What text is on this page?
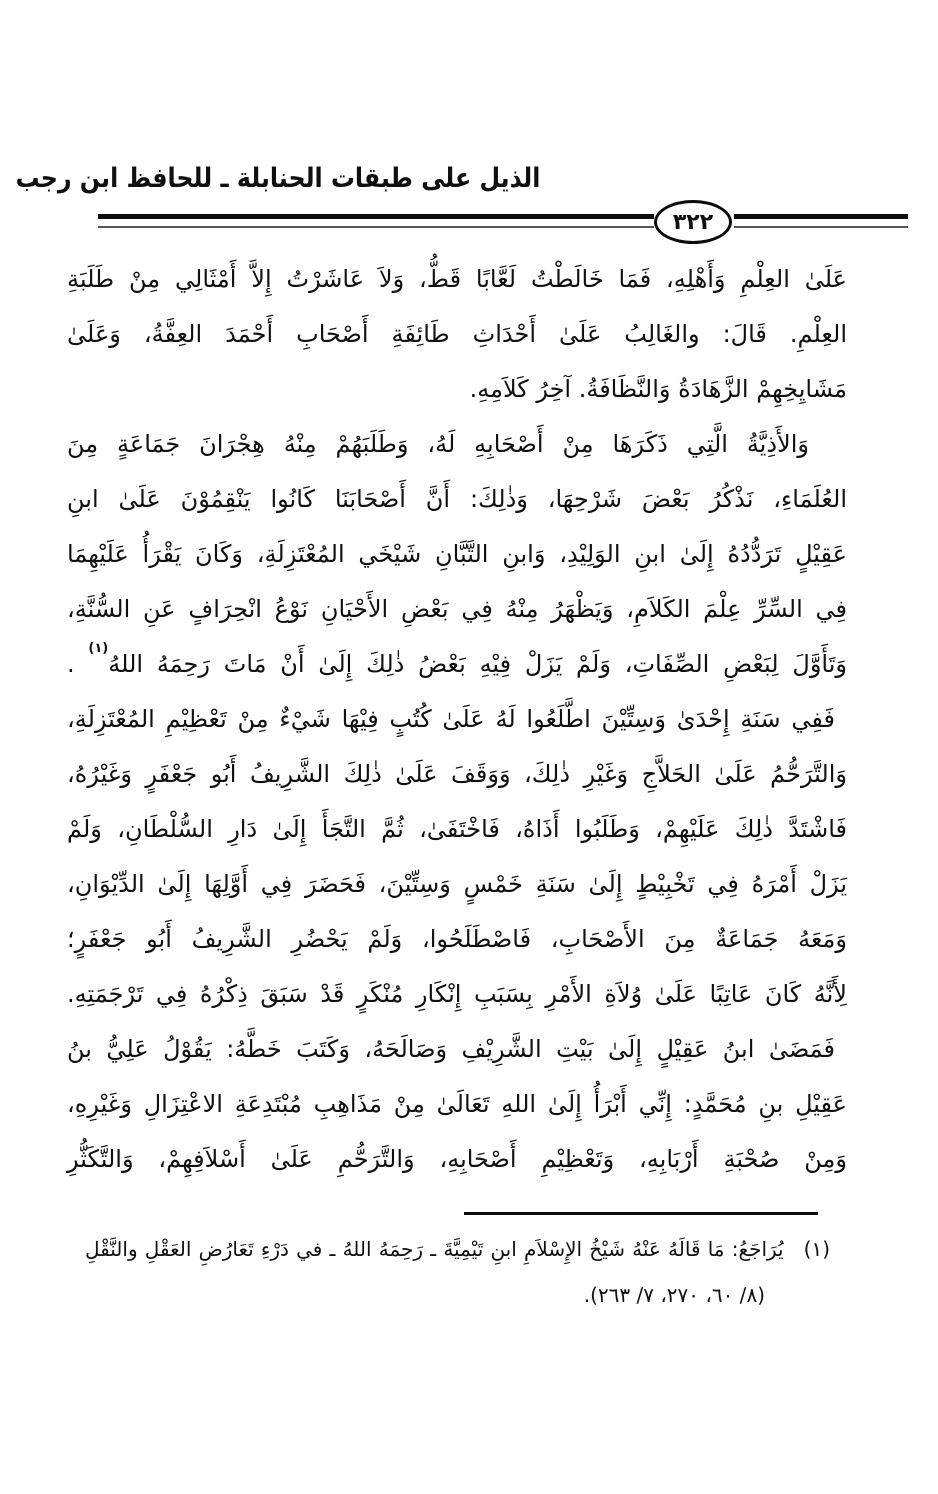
الذيل على طبقات الحنابلة ـ للحافظ ابن رجب
٣٢٢
عَلَىٰ العِلْمِ وَأَهْلِهِ، فَمَا خَالَطْتُ لَعَّابًا قَطُّ، وَلاَ عَاشَرْتُ إِلاَّ أَمْثَالِي مِنْ طَلَبَةِ
العِلْمِ. قَالَ: والغَالِبُ عَلَىٰ أَحْدَاثِ طَائِفَةِ أَصْحَابِ أَحْمَدَ العِفَّةُ، وَعَلَىٰ
مَشَايِخِهِمْ الزَّهَادَةُ وَالنَّظَافَةُ. آخِرُ كَلاَمِهِ.
وَالأَذِيَّةُ الَّتِي ذَكَرَهَا مِنْ أَصْحَابِهِ لَهُ، وَطَلَبَهُمْ مِنْهُ هِجْرَانَ جَمَاعَةٍ مِنَ
العُلَمَاءِ، نَذْكُرُ بَعْضَ شَرْحِهَا، وَذٰلِكَ: أَنَّ أَصْحَابَنَا كَانُوا يَنْقِمُوْنَ عَلَىٰ ابنِ
عَقِيْلٍ تَرَدُّدُهُ إِلَىٰ ابنِ الوَلِيْدِ، وَابنِ التَّبَّانِ شَيْخَي المُعْتَزِلَةِ، وَكَانَ يَقْرَأُ عَلَيْهِمَا
فِي السِّرِّ عِلْمَ الكَلاَمِ، وَيَظْهَرُ مِنْهُ فِي بَعْضِ الأَحْيَانِ نَوْعُ انْحِرَافٍ عَنِ السُّنَّةِ،
وَتَأَوَّلَ لِبَعْضِ الصِّفَاتِ، وَلَمْ يَزَلْ فِيْهِ بَعْضُ ذٰلِكَ إِلَىٰ أَنْ مَاتَ رَحِمَهُ اللهُ$^{(١)}$ .
فَفِي سَنَةِ إِحْدَىٰ وَسِتِّيْنَ اطَّلَعُوا لَهُ عَلَىٰ كُتُبٍ فِيْهَا شَيْءٌ مِنْ تَعْظِيْمِ المُعْتَزِلَةِ،
وَالتَّرَحُّمُ عَلَىٰ الحَلاَّجِ وَغَيْرِ ذٰلِكَ، وَوَقَفَ عَلَىٰ ذٰلِكَ الشَّرِيفُ أَبُو جَعْفَرٍ وَغَيْرُهُ،
فَاشْتَدَّ ذٰلِكَ عَلَيْهِمْ، وَطَلَبُوا أَذَاهُ، فَاخْتَفَىٰ، ثُمَّ التَّجَأَ إِلَىٰ دَارِ السُّلْطَانِ، وَلَمْ
يَزَلْ أَمْرَهُ فِي تَخْبِيْطٍ إِلَىٰ سَنَةِ خَمْسٍ وَسِتِّيْنَ، فَحَضَرَ فِي أَوَّلِهَا إِلَىٰ الدِّيْوَانِ،
وَمَعَهُ جَمَاعَةٌ مِنَ الأَصْحَابِ، فَاصْطَلَحُوا، وَلَمْ يَحْضُرِ الشَّرِيفُ أَبُو جَعْفَرٍ؛
لِأَنَّهُ كَانَ عَاتِبًا عَلَىٰ وُلاَةِ الأَمْرِ بِسَبَبِ إِنْكَارِ مُنْكَرٍ قَدْ سَبَقَ ذِكْرُهُ فِي تَرْجَمَتِهِ.
فَمَضَىٰ ابنُ عَقِيْلٍ إِلَىٰ بَيْتِ الشَّرِيْفِ وَصَالَحَهُ، وَكَتَبَ خَطَّهُ: يَقُوْلُ عَلِيُّ بنُ
عَقِيْلِ بنِ مُحَمَّدٍ: إِنِّي أَبْرَأُ إِلَىٰ اللهِ تَعَالَىٰ مِنْ مَذَاهِبِ مُبْتَدِعَةِ الاعْتِزَالِ وَغَيْرِهِ،
وَمِنْ صُحْبَةِ أَرْبَابِهِ، وَتَعْظِيْمِ أَصْحَابِهِ، وَالتَّرَحُّمِ عَلَىٰ أَسْلاَفِهِمْ، وَالتَّكَثُّرِ
(١)
يُرَاجَعُ: مَا قَالَهُ عَنْهُ شَيْخُ الإِسْلاَمِ ابنِ تَيْمِيَّةَ ـ رَحِمَهُ اللهُ ـ في دَرْءِ تَعَارُضِ العَقْلِ والنَّقْلِ
(٨/ ٦٠، ٢٧٠، ٧/ ٢٦٣).
